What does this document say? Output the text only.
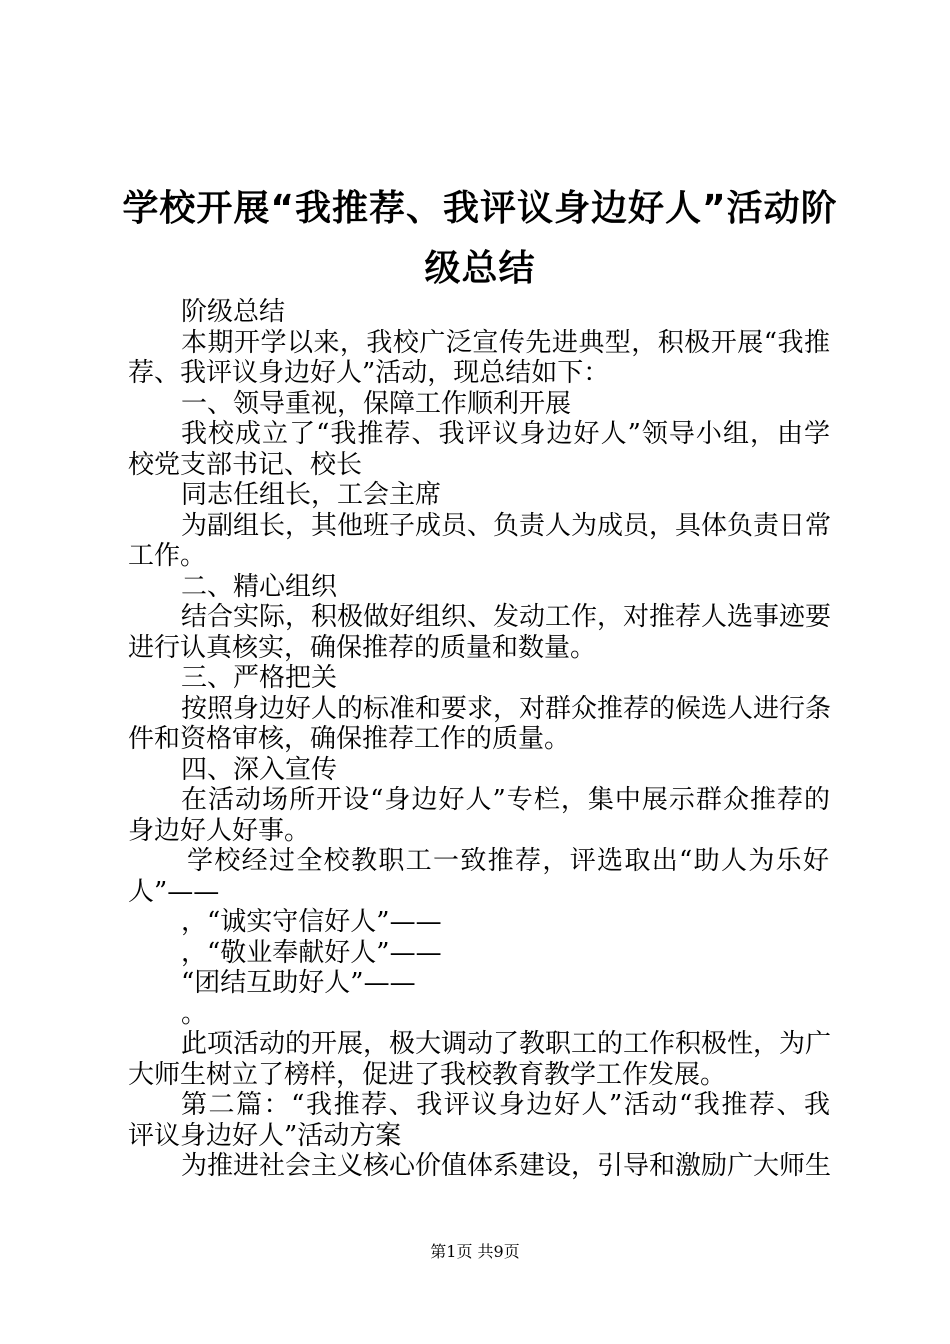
学校开展“我推荐、我评议身边好人”活动阶
级总结
阶级总结
本期开学以来，我校广泛宣传先进典型，积极开展“我推
荐、我评议身边好人”活动，现总结如下：
一、领导重视，保障工作顺利开展
我校成立了“我推荐、我评议身边好人”领导小组，由学
校党支部书记、校长
同志任组长，工会主席
为副组长，其他班子成员、负责人为成员，具体负责日常
工作。
二、精心组织
结合实际，积极做好组织、发动工作，对推荐人选事迹要
进行认真核实，确保推荐的质量和数量。
三、严格把关
按照身边好人的标准和要求，对群众推荐的候选人进行条
件和资格审核，确保推荐工作的质量。
四、深入宣传
在活动场所开设“身边好人”专栏，集中展示群众推荐的
身边好人好事。
学校经过全校教职工一致推荐，评选取出“助人为乐好
人”——
，“诚实守信好人”——
，“敬业奉献好人”——
“团结互助好人”——
。
此项活动的开展，极大调动了教职工的工作积极性，为广
大师生树立了榜样，促进了我校教育教学工作发展。
第二篇：“我推荐、我评议身边好人”活动“我推荐、我
评议身边好人”活动方案
为推进社会主义核心价值体系建设，引导和激励广大师生
第1页 共9页
